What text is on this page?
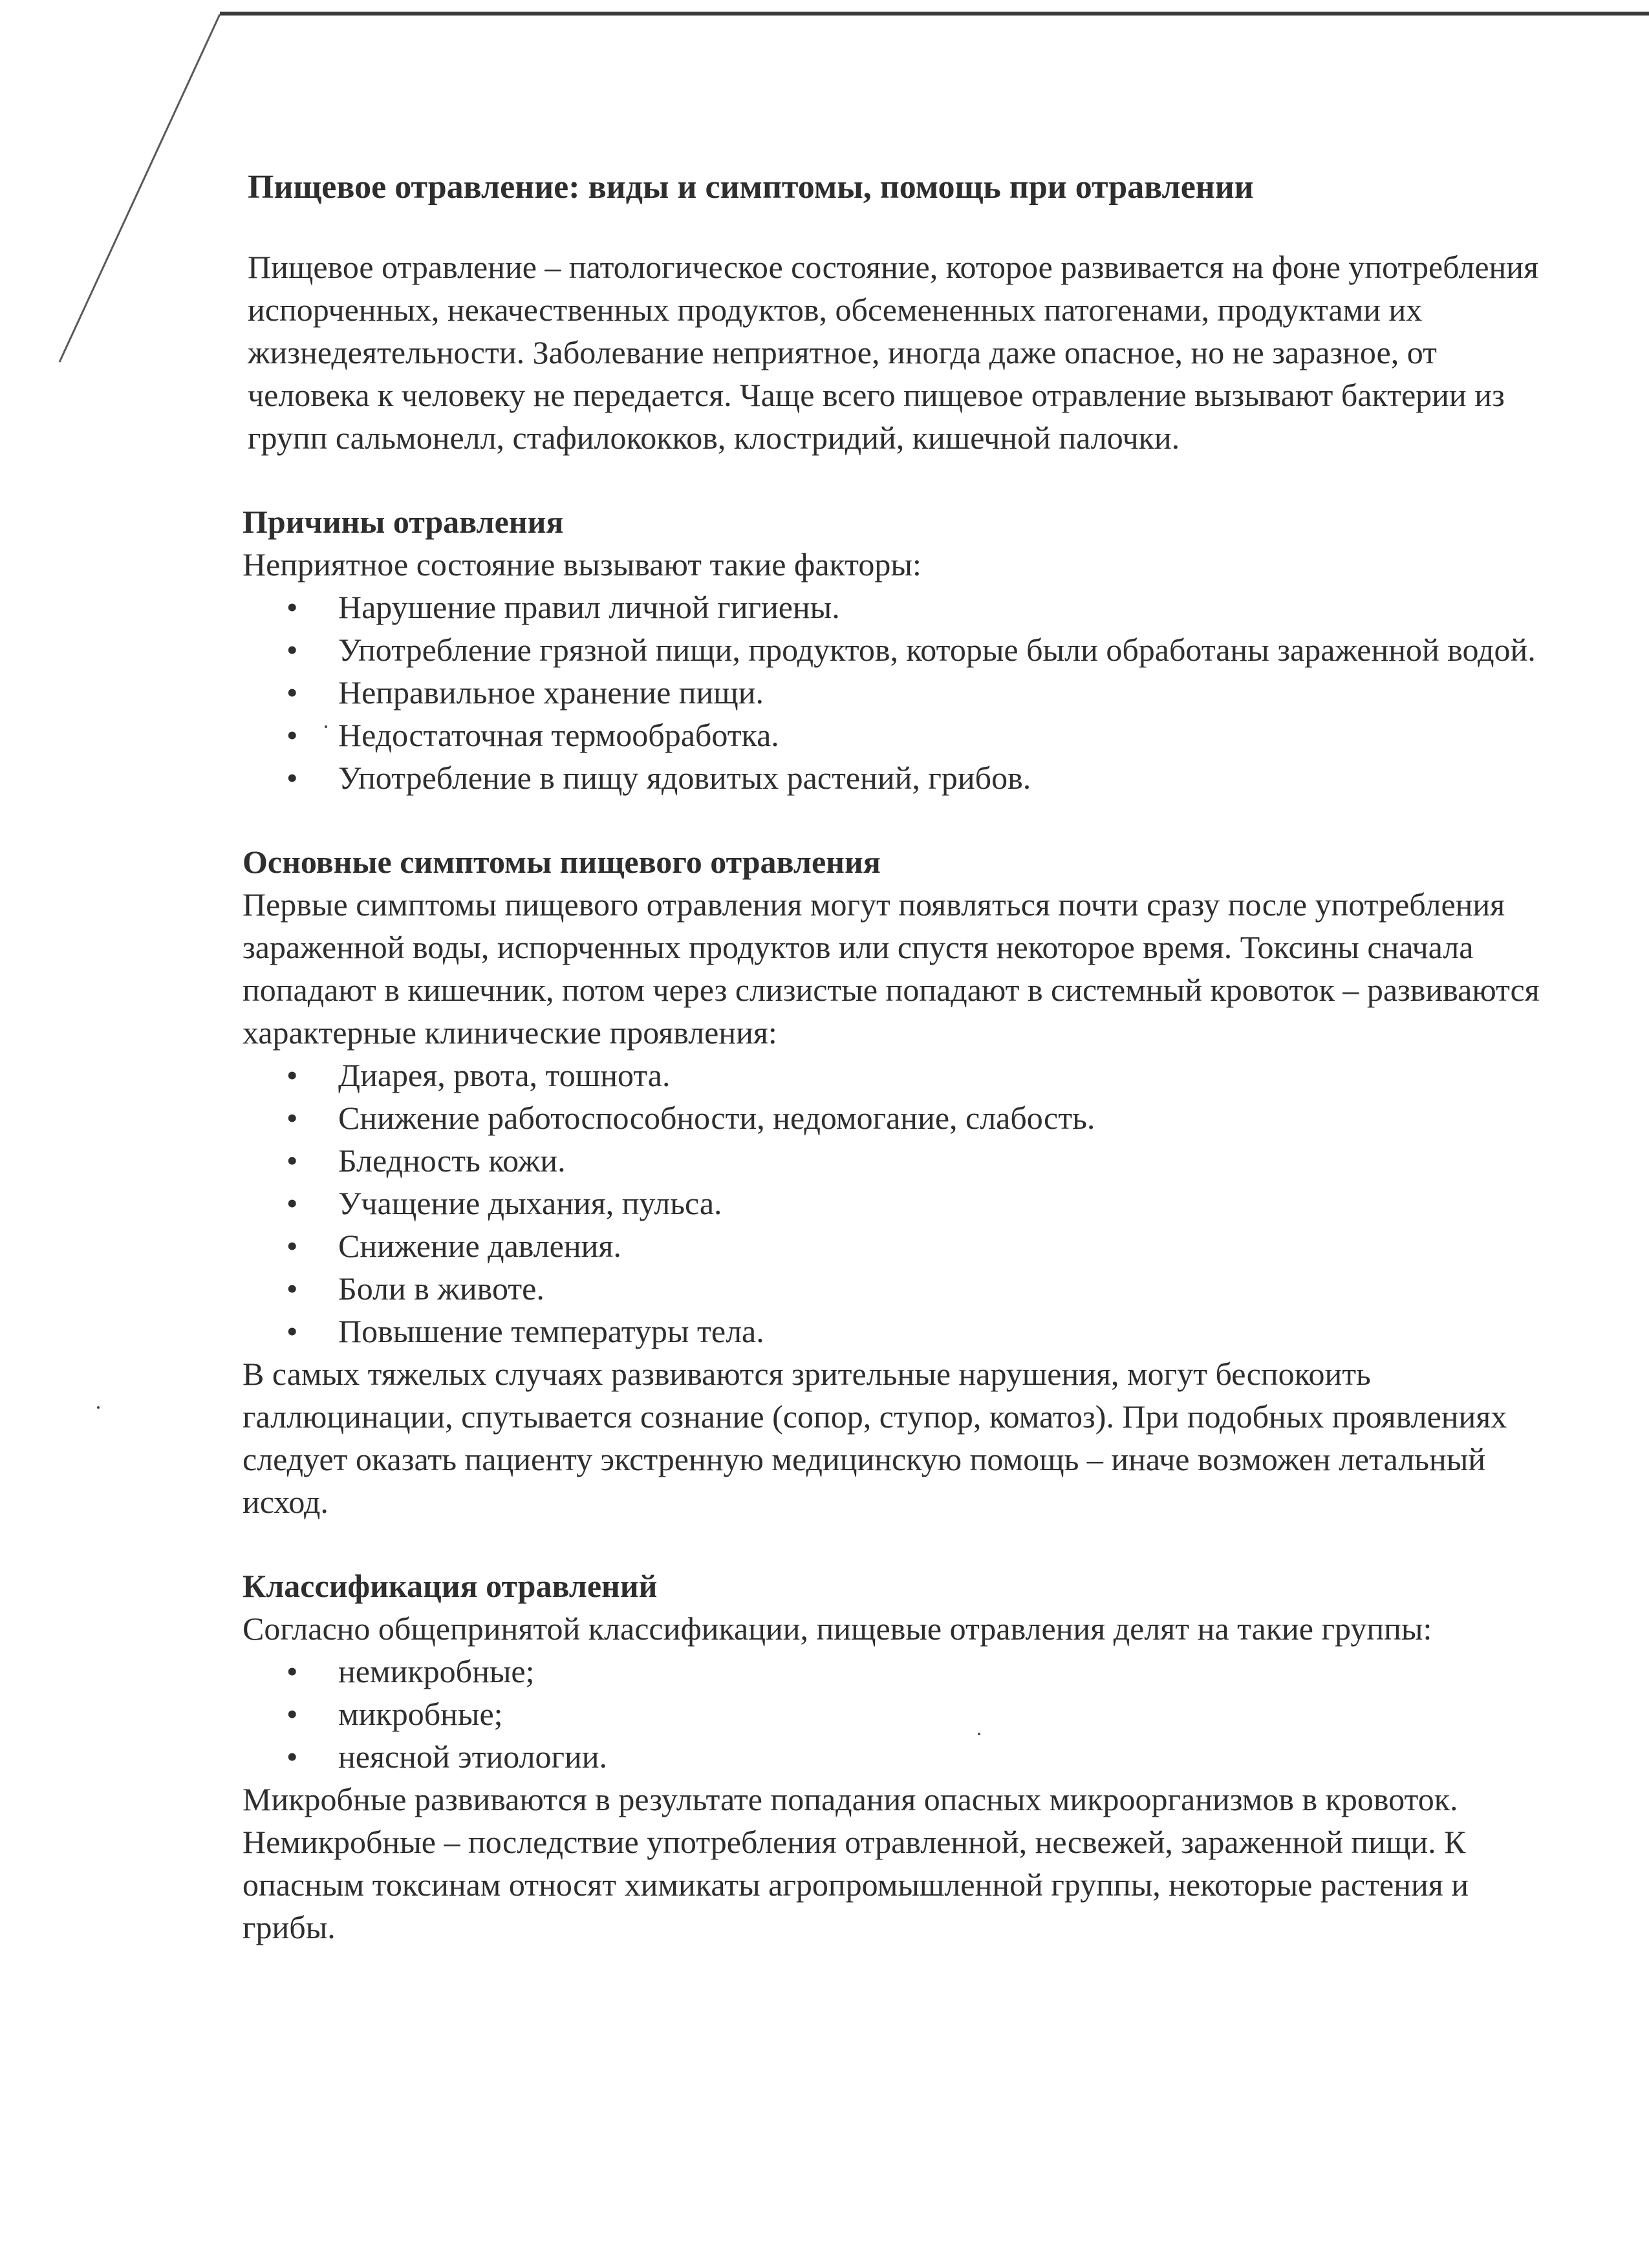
Пищевое отравление: виды и симптомы, помощь при отравлении

Пищевое отравление – патологическое состояние, которое развивается на фоне употребления испорченных, некачественных продуктов, обсемененных патогенами, продуктами их жизнедеятельности. Заболевание неприятное, иногда даже опасное, но не заразное, от человека к человеку не передается. Чаще всего пищевое отравление вызывают бактерии из групп сальмонелл, стафилококков, клостридий, кишечной палочки.

Причины отравления

Неприятное состояние вызывают такие факторы:

• Нарушение правил личной гигиены.
• Употребление грязной пищи, продуктов, которые были обработаны зараженной водой.
• Неправильное хранение пищи.
• Недостаточная термообработка.
• Употребление в пищу ядовитых растений, грибов.
Основные симптомы пищевого отравления

Первые симптомы пищевого отравления могут появляться почти сразу после употребления зараженной воды, испорченных продуктов или спустя некоторое время. Токсины сначала попадают в кишечник, потом через слизистые попадают в системный кровоток – развиваются характерные клинические проявления:

• Диарея, рвота, тошнота.
• Снижение работоспособности, недомогание, слабость.
• Бледность кожи.
• Учащение дыхания, пульса.
• Снижение давления.
• Боли в животе.
• Повышение температуры тела.

В самых тяжелых случаях развиваются зрительные нарушения, могут беспокоить галлюцинации, спутывается сознание (сопор, ступор, коматоз). При подобных проявлениях следует оказать пациенту экстренную медицинскую помощь – иначе возможен летальный исход.

Классификация отравлений

Согласно общепринятой классификации, пищевые отравления делят на такие группы:

• немикробные;
• микробные;
• неясной этиологии.

Микробные развиваются в результате попадания опасных микроорганизмов в кровоток. Немикробные – последствие употребления отравленной, несвежей, зараженной пищи. К опасным токсинам относят химикаты агропромышленной группы, некоторые растения и грибы.
